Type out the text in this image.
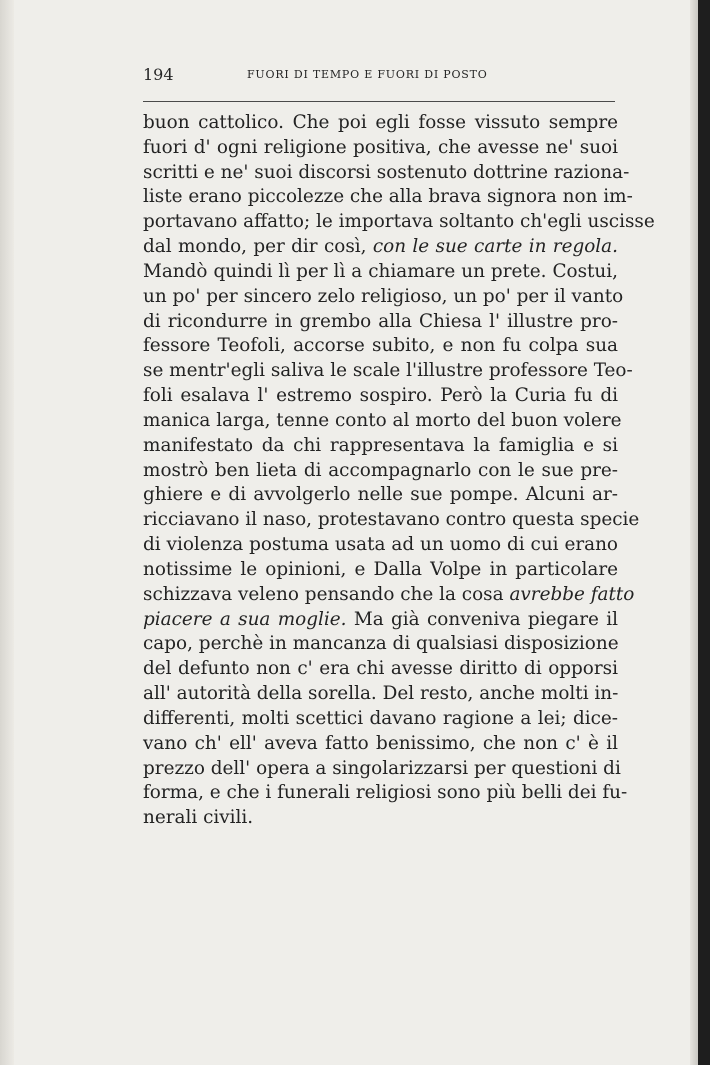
194	FUORI DI TEMPO E FUORI DI POSTO
buon cattolico. Che poi egli fosse vissuto sempre
fuori d' ogni religione positiva, che avesse ne' suoi
scritti e ne' suoi discorsi sostenuto dottrine raziona-
liste erano piccolezze che alla brava signora non im-
portavano affatto; le importava soltanto ch'egli uscisse
dal mondo, per dir così, con le sue carte in regola.
Mandò quindi lì per lì a chiamare un prete. Costui,
un po' per sincero zelo religioso, un po' per il vanto
di ricondurre in grembo alla Chiesa l' illustre pro-
fessore Teofoli, accorse subito, e non fu colpa sua
se mentr'egli saliva le scale l'illustre professore Teo-
foli esalava l' estremo sospiro. Però la Curia fu di
manica larga, tenne conto al morto del buon volere
manifestato da chi rappresentava la famiglia e si
mostrò ben lieta di accompagnarlo con le sue pre-
ghiere e di avvolgerlo nelle sue pompe. Alcuni ar-
ricciavano il naso, protestavano contro questa specie
di violenza postuma usata ad un uomo di cui erano
notissime le opinioni, e Dalla Volpe in particolare
schizzava veleno pensando che la cosa avrebbe fatto
piacere a sua moglie. Ma già conveniva piegare il
capo, perchè in mancanza di qualsiasi disposizione
del defunto non c' era chi avesse diritto di opporsi
all' autorità della sorella. Del resto, anche molti in-
differenti, molti scettici davano ragione a lei; dice-
vano ch' ell' aveva fatto benissimo, che non c' è il
prezzo dell' opera a singolarizzarsi per questioni di
forma, e che i funerali religiosi sono più belli dei fu-
nerali civili.
